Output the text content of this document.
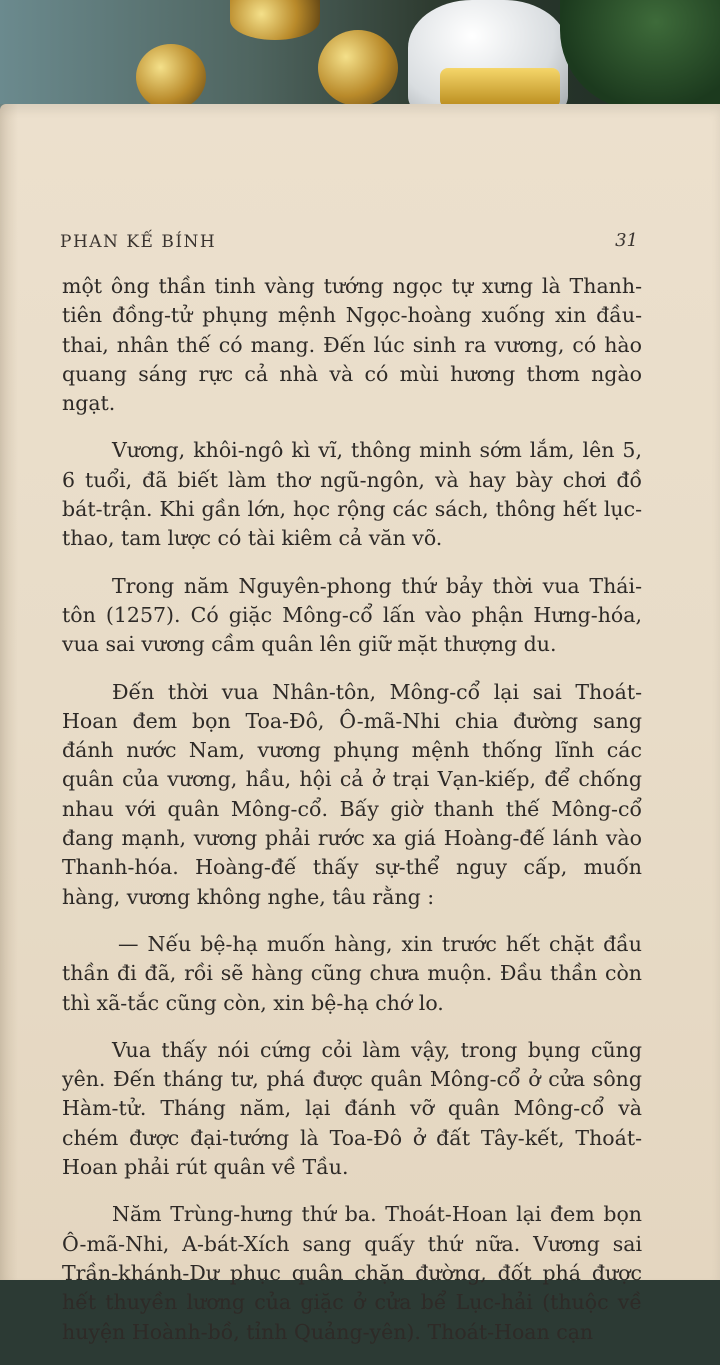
PHAN KẾ BÍNH	31

một ông thần tinh vàng tướng ngọc tự xưng là Thanh-tiên đồng-tử phụng mệnh Ngọc-hoàng xuống xin đầu-thai, nhân thế có mang. Đến lúc sinh ra vương, có hào quang sáng rực cả nhà và có mùi hương thơm ngào ngạt.

Vương, khôi-ngô kì vĩ, thông minh sớm lắm, lên 5, 6 tuổi, đã biết làm thơ ngũ-ngôn, và hay bày chơi đồ bát-trận. Khi gần lớn, học rộng các sách, thông hết lục-thao, tam lược có tài kiêm cả văn võ.

Trong năm Nguyên-phong thứ bảy thời vua Thái-tôn (1257). Có giặc Mông-cổ lấn vào phận Hưng-hóa, vua sai vương cầm quân lên giữ mặt thượng du.

Đến thời vua Nhân-tôn, Mông-cổ lại sai Thoát-Hoan đem bọn Toa-Đô, Ô-mã-Nhi chia đường sang đánh nước Nam, vương phụng mệnh thống lĩnh các quân của vương, hầu, hội cả ở trại Vạn-kiếp, để chống nhau với quân Mông-cổ. Bấy giờ thanh thế Mông-cổ đang mạnh, vương phải rước xa giá Hoàng-đế lánh vào Thanh-hóa. Hoàng-đế thấy sự-thể nguy cấp, muốn hàng, vương không nghe, tâu rằng :

— Nếu bệ-hạ muốn hàng, xin trước hết chặt đầu thần đi đã, rồi sẽ hàng cũng chưa muộn. Đầu thần còn thì xã-tắc cũng còn, xin bệ-hạ chớ lo.

Vua thấy nói cứng cỏi làm vậy, trong bụng cũng yên. Đến tháng tư, phá được quân Mông-cổ ở cửa sông Hàm-tử. Tháng năm, lại đánh vỡ quân Mông-cổ và chém được đại-tướng là Toa-Đô ở đất Tây-kết, Thoát-Hoan phải rút quân về Tầu.

Năm Trùng-hưng thứ ba. Thoát-Hoan lại đem bọn Ô-mã-Nhi, A-bát-Xích sang quấy thứ nữa. Vương sai Trần-khánh-Dư phục quân chặn đường, đốt phá được hết thuyền lương của giặc ở cửa bể Lục-hải (thuộc về huyện Hoành-bồ, tỉnh Quảng-yên). Thoát-Hoan cạn
